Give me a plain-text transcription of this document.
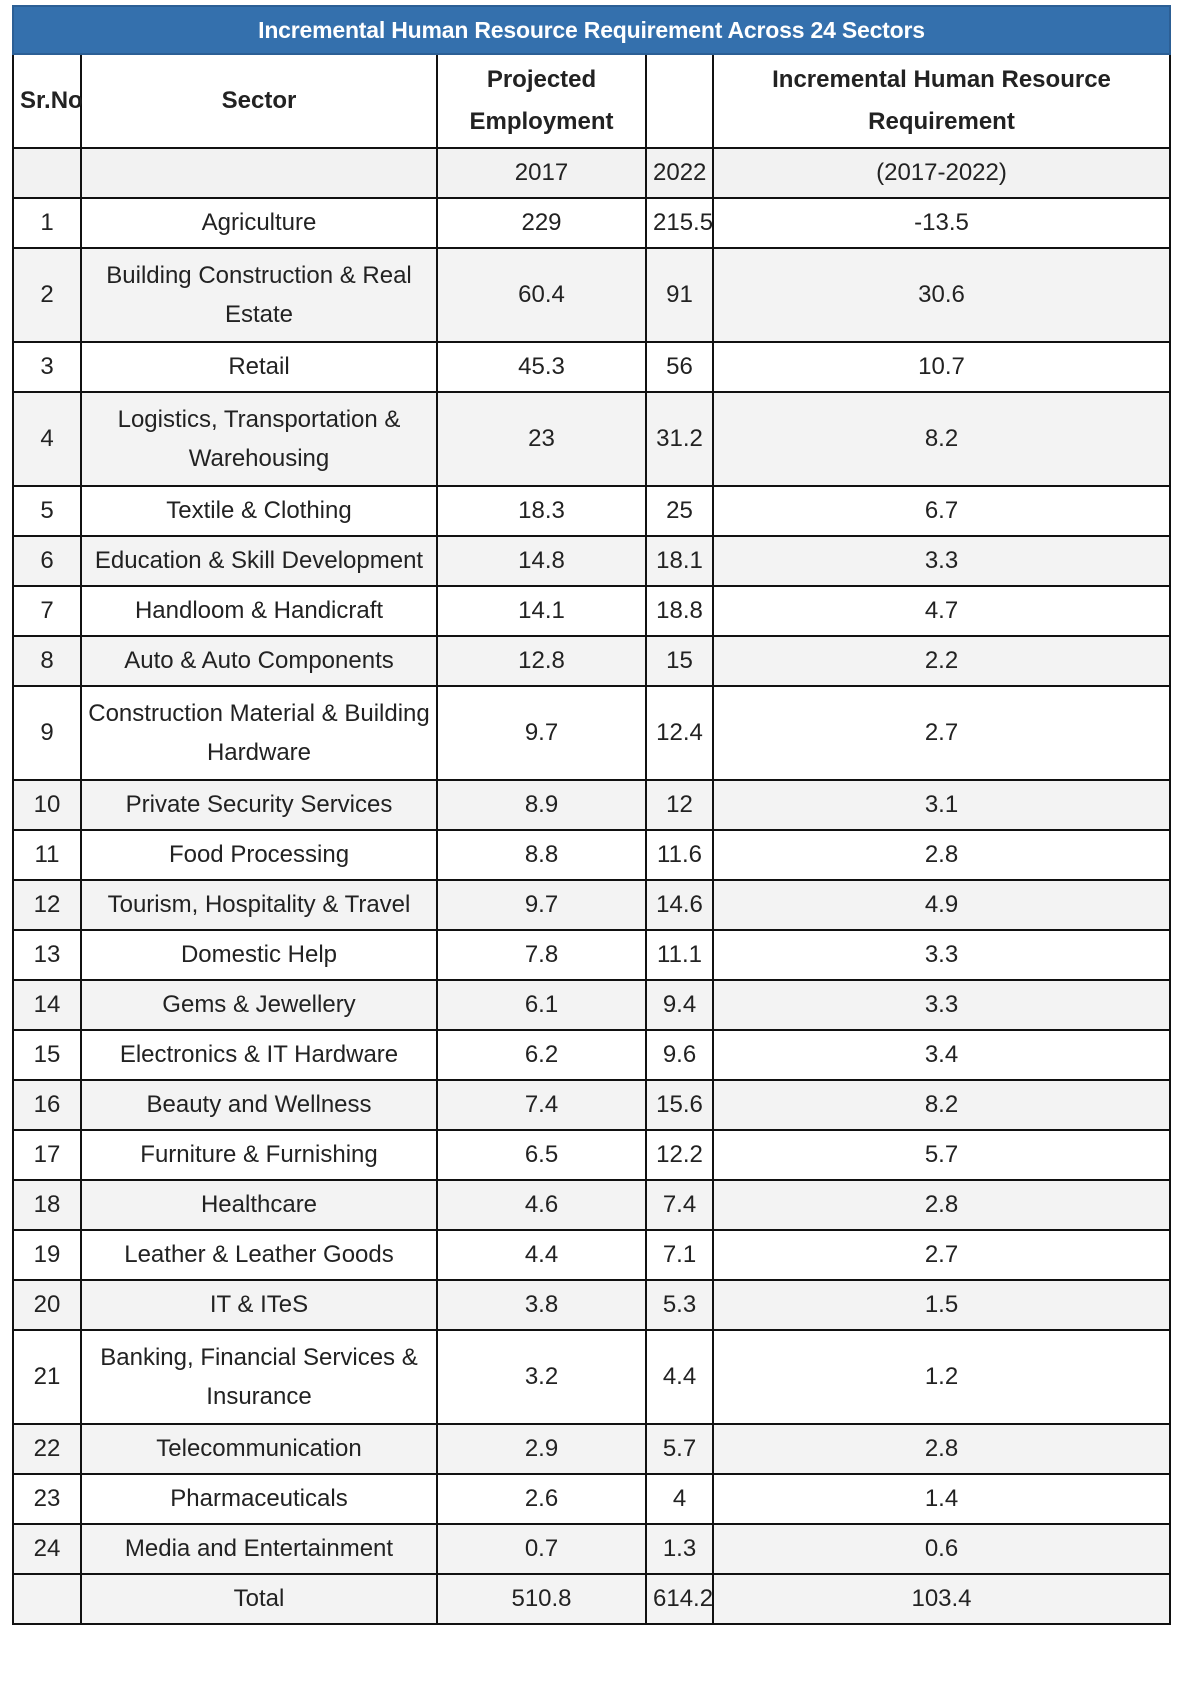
Incremental Human Resource Requirement Across 24 Sectors				
Sr.No	Sector	Projected Employment		Incremental Human Resource Requirement
		2017	2022	(2017-2022)
1	Agriculture	229	215.5	-13.5
2	Building Construction & Real Estate	60.4	91	30.6
3	Retail	45.3	56	10.7
4	Logistics, Transportation & Warehousing	23	31.2	8.2
5	Textile & Clothing	18.3	25	6.7
6	Education & Skill Development	14.8	18.1	3.3
7	Handloom & Handicraft	14.1	18.8	4.7
8	Auto & Auto Components	12.8	15	2.2
9	Construction Material & Building Hardware	9.7	12.4	2.7
10	Private Security Services	8.9	12	3.1
11	Food Processing	8.8	11.6	2.8
12	Tourism, Hospitality & Travel	9.7	14.6	4.9
13	Domestic Help	7.8	11.1	3.3
14	Gems & Jewellery	6.1	9.4	3.3
15	Electronics & IT Hardware	6.2	9.6	3.4
16	Beauty and Wellness	7.4	15.6	8.2
17	Furniture & Furnishing	6.5	12.2	5.7
18	Healthcare	4.6	7.4	2.8
19	Leather & Leather Goods	4.4	7.1	2.7
20	IT & ITeS	3.8	5.3	1.5
21	Banking, Financial Services & Insurance	3.2	4.4	1.2
22	Telecommunication	2.9	5.7	2.8
23	Pharmaceuticals	2.6	4	1.4
24	Media and Entertainment	0.7	1.3	0.6
	Total	510.8	614.2	103.4
